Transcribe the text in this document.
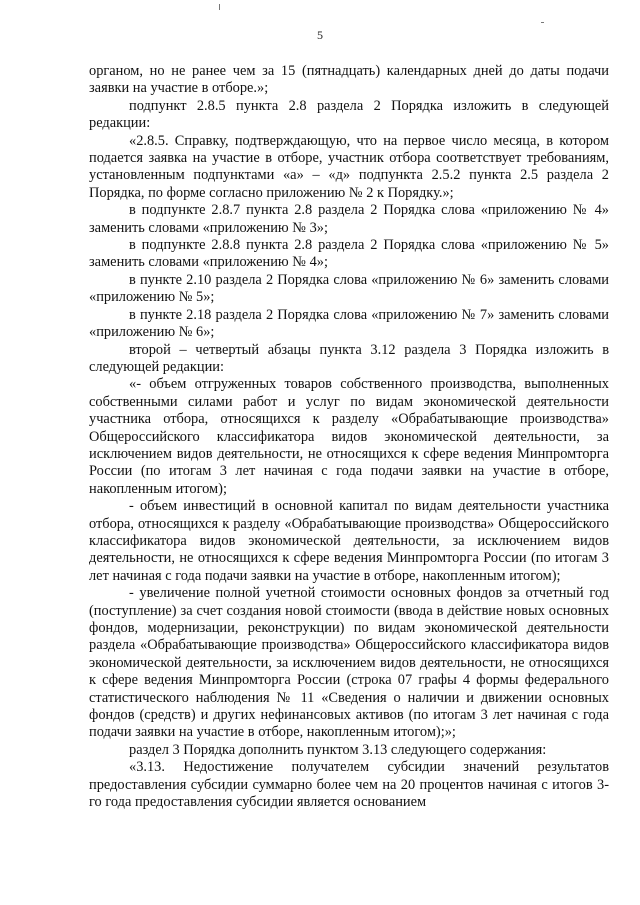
5

органом, но не ранее чем за 15 (пятнадцать) календарных дней до даты подачи заявки на участие в отборе.»;

подпункт 2.8.5 пункта 2.8 раздела 2 Порядка изложить в следующей редакции:

«2.8.5. Справку, подтверждающую, что на первое число месяца, в котором подается заявка на участие в отборе, участник отбора соответствует требованиям, установленным подпунктами «а» – «д» подпункта 2.5.2 пункта 2.5 раздела 2 Порядка, по форме согласно приложению № 2 к Порядку.»;

в подпункте 2.8.7 пункта 2.8 раздела 2 Порядка слова «приложению № 4» заменить словами «приложению № 3»;

в подпункте 2.8.8 пункта 2.8 раздела 2 Порядка слова «приложению № 5» заменить словами «приложению № 4»;

в пункте 2.10 раздела 2 Порядка слова «приложению № 6» заменить словами «приложению № 5»;

в пункте 2.18 раздела 2 Порядка слова «приложению № 7» заменить словами «приложению № 6»;

второй – четвертый абзацы пункта 3.12 раздела 3 Порядка изложить в следующей редакции:

«- объем отгруженных товаров собственного производства, выполненных собственными силами работ и услуг по видам экономической деятельности участника отбора, относящихся к разделу «Обрабатывающие производства» Общероссийского классификатора видов экономической деятельности, за исключением видов деятельности, не относящихся к сфере ведения Минпромторга России (по итогам 3 лет начиная с года подачи заявки на участие в отборе, накопленным итогом);

- объем инвестиций в основной капитал по видам деятельности участника отбора, относящихся к разделу «Обрабатывающие производства» Общероссийского классификатора видов экономической деятельности, за исключением видов деятельности, не относящихся к сфере ведения Минпромторга России (по итогам 3 лет начиная с года подачи заявки на участие в отборе, накопленным итогом);

- увеличение полной учетной стоимости основных фондов за отчетный год (поступление) за счет создания новой стоимости (ввода в действие новых основных фондов, модернизации, реконструкции) по видам экономической деятельности раздела «Обрабатывающие производства» Общероссийского классификатора видов экономической деятельности, за исключением видов деятельности, не относящихся к сфере ведения Минпромторга России (строка 07 графы 4 формы федерального статистического наблюдения № 11 «Сведения о наличии и движении основных фондов (средств) и других нефинансовых активов (по итогам 3 лет начиная с года подачи заявки на участие в отборе, накопленным итогом);»;

раздел 3 Порядка дополнить пунктом 3.13 следующего содержания:

«3.13. Недостижение получателем субсидии значений результатов предоставления субсидии суммарно более чем на 20 процентов начиная с итогов 3-го года предоставления субсидии является основанием
